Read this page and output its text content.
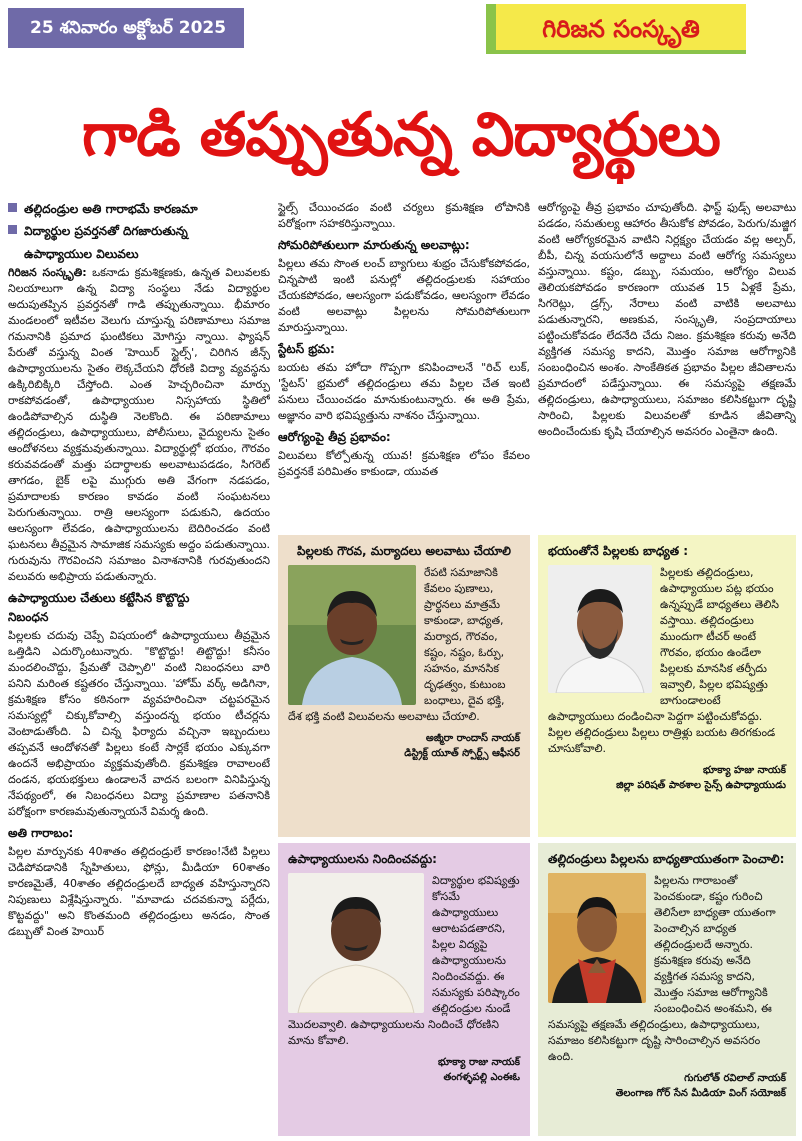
25 శనివారం అక్టోబర్ 2025	గిరిజన సంస్కృతి
గాడి తప్పుతున్న విద్యార్థులు
తల్లిదండ్రుల అతి గారాభమే కారణమా
విద్యార్థుల ప్రవర్తనతో దిగజారుతున్న
ఉపాధ్యాయుల విలువలు

గిరిజన సంస్కృతి: ఒకనాడు క్రమశిక్షణకు, ఉన్నత విలువలకు నిలయాలుగా ఉన్న విద్యా సంస్థలు నేడు విద్యార్థుల అదుపుతప్పిన ప్రవర్తనతో గాడి తప్పుతున్నాయి. భీమారం మండలంలో ఇటీవల వెలుగు చూస్తున్న పరిణామాలు సమాజ గమనానికి ప్రమాద ఘంటికలు మోగిస్తు న్నాయి. ఫ్యాషన్ పేరుతో వస్తున్న వింత 'హెయిర్ స్టైల్స్', చిరిగిన జీన్స్ ఉపాధ్యాయులను సైతం లెక్కచేయని ధోరణి విద్యా వ్యవస్థను ఉక్కిరిబిక్కిరి చేస్తోంది. ఎంత హెచ్చరించినా మార్పు రాకపోవడంతో, ఉపాధ్యాయుల నిస్సహాయ స్థితిలో ఉండిపోవాల్సిన దుస్థితి నెలకొంది. ఈ పరిణామాలు తల్లిదండ్రులు, ఉపాధ్యాయులు, పోలీసులు, వైద్యులను సైతం ఆందోళనలు వ్యక్తమవుతున్నాయి. విద్యార్థుల్లో భయం, గౌరవం కరువవడంతో మత్తు పదార్థాలకు అలవాటుపడడం, సిగరెట్ తాగడం, బైక్ లపై ముగ్గురు అతి వేగంగా నడపడం, ప్రమాదాలకు కారణం కావడం వంటి సంఘటనలు పెరుగుతున్నాయి. రాత్రి ఆలస్యంగా పడుకుని, ఉదయం ఆలస్యంగా లేవడం, ఉపాధ్యాయులను బెదిరించడం వంటి ఘటనలు తీవ్రమైన సామాజిక సమస్యకు అద్దం పడుతున్నాయి. గురువును గౌరవించని సమాజం వినాశనానికి గురవుతుందని వలువరు అభిప్రాయ పడుతున్నారు.

ఉపాధ్యాయుల చేతులు కట్టేసిన కొట్టొద్దు
నిబంధన

పిల్లలకు చదువు చెప్పే విషయంలో ఉపాధ్యాయులు తీవ్రమైన ఒత్తిడిని ఎదుర్కొంటున్నారు. "కొట్టొద్దు! తిట్టొద్దు! కనీసం మందలించొద్దు, ప్రేమతో చెప్పాలి" వంటి నిబంధనలు వారి పనిని మరింత కష్టతరం చేస్తున్నాయి. 'హోమ్ వర్క్ అడిగినా, క్రమశిక్షణ కోసం కఠినంగా వ్యవహరించినా చట్టపరమైన సమస్యల్లో చిక్కుకోవాల్సి వస్తుందన్న భయం టీచర్లను వెంటాడుతోంది. ఏ చిన్న ఫిర్యాదు వచ్చినా ఇబ్బందులు తప్పవనే ఆందోళనతో పిల్లలు కంటే సార్లకే భయం ఎక్కువగా ఉందనే అభిప్రాయం వ్యక్తమవుతోంది. క్రమశిక్షణ రావాలంటే దండన, భయభక్తులు ఉండాలనే వాదన బలంగా వినిపిస్తున్న నేపథ్యంలో, ఈ నిబంధనలు విద్యా ప్రమాణాల పతనానికి పరోక్షంగా కారణమవుతున్నాయనే విమర్శ ఉంది.

అతి గారాబం:

పిల్లల మార్పునకు 40శాతం తల్లిదండ్రులే కారణం!నేటి పిల్లలు చెడిపోవడానికి స్నేహితులు, ఫోన్లు, మీడియా 60శాతం కారణమైతే, 40శాతం తల్లిదండ్రులదే బాధ్యత వహిస్తున్నారని నిపుణులు విశ్లేషిస్తున్నారు. "మావాడు చదవకున్నా పర్లేదు, కొట్టవద్దు" అని కొంతమంది తల్లిదండ్రులు అనడం, సొంత డబ్బుతో వింత హెయిర్

స్టైల్స్ చేయించడం వంటి చర్యలు క్రమశిక్షణ లోపానికి పరోక్షంగా సహకరిస్తున్నాయి.

సోమరిపోతులుగా మారుతున్న అలవాట్లు:

పిల్లలు తమ సొంత లంచ్ బ్యాగులు శుభ్రం చేసుకోకపోవడం, చిన్నపాటి ఇంటి పనుల్లో తల్లిదండ్రులకు సహాయం చేయకపోవడం, ఆలస్యంగా పడుకోవడం, ఆలస్యంగా లేవడం వంటి అలవాట్లు పిల్లలను సోమరిపోతులుగా మారుస్తున్నాయి.

స్టేటస్ భ్రమ:

బయట తమ హోదా గొప్పగా కనిపించాలనే "రిచ్ లుక్, 'స్టేటస్' భ్రమలో తల్లిదండ్రులు తమ పిల్లల చేత ఇంటి పనులు చేయించడం మానుకుంటున్నారు. ఈ అతి ప్రేమ, అజ్ఞానం వారి భవిష్యత్తును నాశనం చేస్తున్నాయి.

ఆరోగ్యంపై తీవ్ర ప్రభావం:

విలువలు కోల్పోతున్న యువ! క్రమశిక్షణ లోపం కేవలం ప్రవర్తనకే పరిమితం కాకుండా, యువత

ఆరోగ్యంపై తీవ్ర ప్రభావం చూపుతోంది. ఫాస్ట్ ఫుడ్స్ అలవాటు పడడం, సమతుల్య ఆహారం తీసుకోక పోవడం, పెరుగు/మజ్జిగ వంటి ఆరోగ్యకరమైన వాటిని నిర్లక్ష్యం చేయడం వల్ల అల్సర్, బీపీ, చిన్న వయసులోనే అద్దాలు వంటి ఆరోగ్య సమస్యలు వస్తున్నాయి. కష్టం, డబ్బు, సమయం, ఆరోగ్యం విలువ తెలియకపోవడం కారణంగా యువత 15 ఏళ్లకే ప్రేమ, సిగరెట్లు, డ్రగ్స్, నేరాలు వంటి వాటికి అలవాటు పడుతున్నారని, అణకువ, సంస్కృతి, సంప్రదాయాలు పట్టించుకోవడం లేదనేది చేదు నిజం. క్రమశిక్షణ కరువు అనేది వ్యక్తిగత సమస్య కాదని, మొత్తం సమాజ ఆరోగ్యానికి సంబంధించిన అంశం. సాంకేతికత ప్రభావం పిల్లల జీవితాలను ప్రమాదంలో పడేస్తున్నాయి. ఈ సమస్యపై తక్షణమే తల్లిదండ్రులు, ఉపాధ్యాయులు, సమాజం కలిసికట్టుగా దృష్టి సారించి, పిల్లలకు విలువలతో కూడిన జీవితాన్ని అందించేందుకు కృషి చేయాల్సిన అవసరం ఎంతైనా ఉంది.

పిల్లలకు గౌరవ, మర్యాదలు అలవాటు చేయాలి
రేపటి సమాజానికి కేవలం పుణాలు, ప్రార్థనలు మాత్రమే కాకుండా, బాధ్యత, మర్యాద, గౌరవం, కష్టం, నష్టం, ఓర్పు, సహనం, మానసిక దృఢత్వం, కుటుంబ బంధాలు, దైవ భక్తి, దేశ భక్తి వంటి విలువలను అలవాటు చేయాలి.
అజ్మీరా రాందాస్ నాయక్
డిస్ట్రిక్ట్ యూత్ స్పోర్ట్స్ ఆఫీసర్
భయంతోనే పిల్లలకు బాధ్యత :
పిల్లలకు తల్లిదండ్రులు, ఉపాధ్యాయుల పట్ల భయం ఉన్నప్పుడే బాధ్యతలు తెలిసి వస్తాయి. తల్లిదండ్రులు ముందుగా టీచర్ అంటే గౌరవం, భయం ఉండేలా పిల్లలకు మానసిక తర్ఫీదు ఇవ్వాలి, పిల్లల భవిష్యత్తు బాగుండాలంటే ఉపాధ్యాయులు దండించినా పెద్దగా పట్టించుకోవద్దు. పిల్లల తల్లిదండ్రులు పిల్లలు రాత్రిళ్లు బయట తిరగకుండ చూసుకోవాలి.
భూక్యా హజు నాయక్
జిల్లా పరిషత్ పాఠశాల సైన్స్ ఉపాధ్యాయుడు
ఉపాధ్యాయులను నిందించవద్దు:
విద్యార్థుల భవిష్యత్తు కోసమే ఉపాధ్యాయులు ఆరాటపడతారని, పిల్లల విద్యపై ఉపాధ్యాయులను నిందించవద్దు. ఈ సమస్యకు పరిష్కారం తల్లిదండ్రుల నుండే మొదలవ్వాలి. ఉపాధ్యాయులను నిందించే ధోరణిని మాను కోవాలి.
భూక్యా రాజు నాయక్
తంగళ్ళపల్లి ఎంఈఓ
తల్లిదండ్రులు పిల్లలను బాధ్యతాయుతంగా పెంచాలి:
పిల్లలను గారాబంతో పెంచకుండా, కష్టం గురించి తెలిసేలా బాధ్యతా యుతంగా పెంచాల్సిన బాధ్యత తల్లిదండ్రులదే అన్నారు. క్రమశిక్షణ కరువు అనేది వ్యక్తిగత సమస్య కాదని, మొత్తం సమాజ ఆరోగ్యానికి సంబంధించిన అంశమని, ఈ సమస్యపై తక్షణమే తల్లిదండ్రులు, ఉపాధ్యాయులు, సమాజం కలిసికట్టుగా దృష్టి సారించాల్సిన అవసరం ఉంది.
గుగులోత్ రవిలాల్ నాయక్
తెలంగాణ గోర్ సేన మీడియా వింగ్ సయోజక్
